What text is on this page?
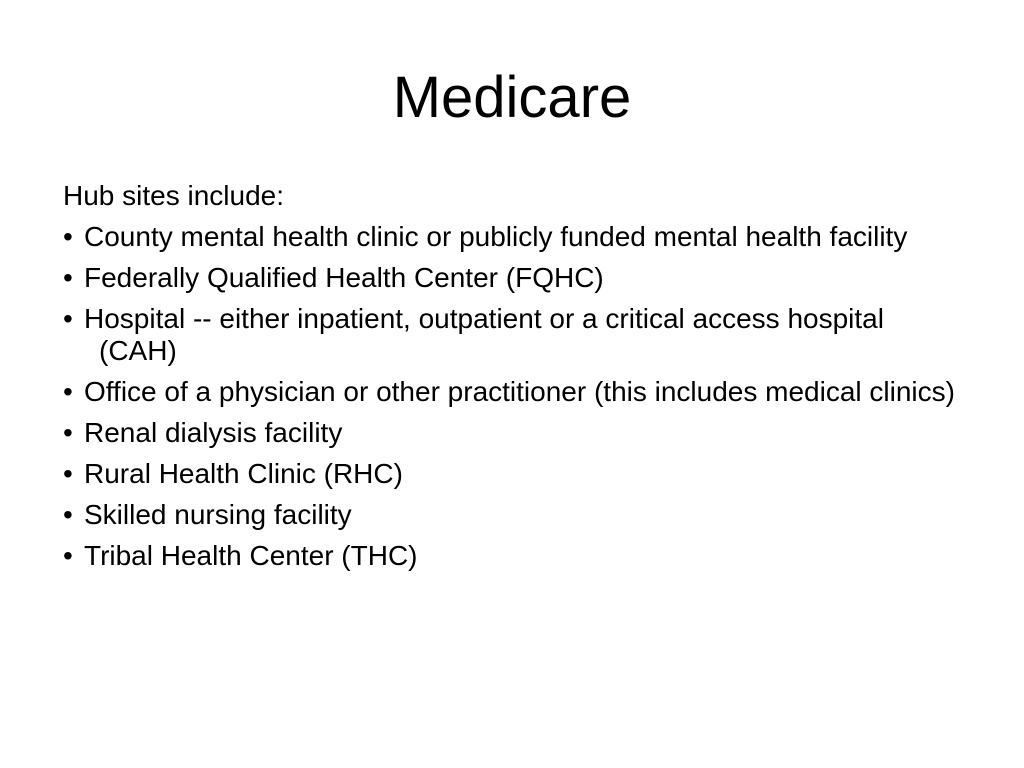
Medicare

Hub sites include:

• County mental health clinic or publicly funded mental health facility
• Federally Qualified Health Center (FQHC)
• Hospital -- either inpatient, outpatient or a critical access hospital (CAH)
• Office of a physician or other practitioner (this includes medical clinics)
• Renal dialysis facility
• Rural Health Clinic (RHC)
• Skilled nursing facility
• Tribal Health Center (THC)
